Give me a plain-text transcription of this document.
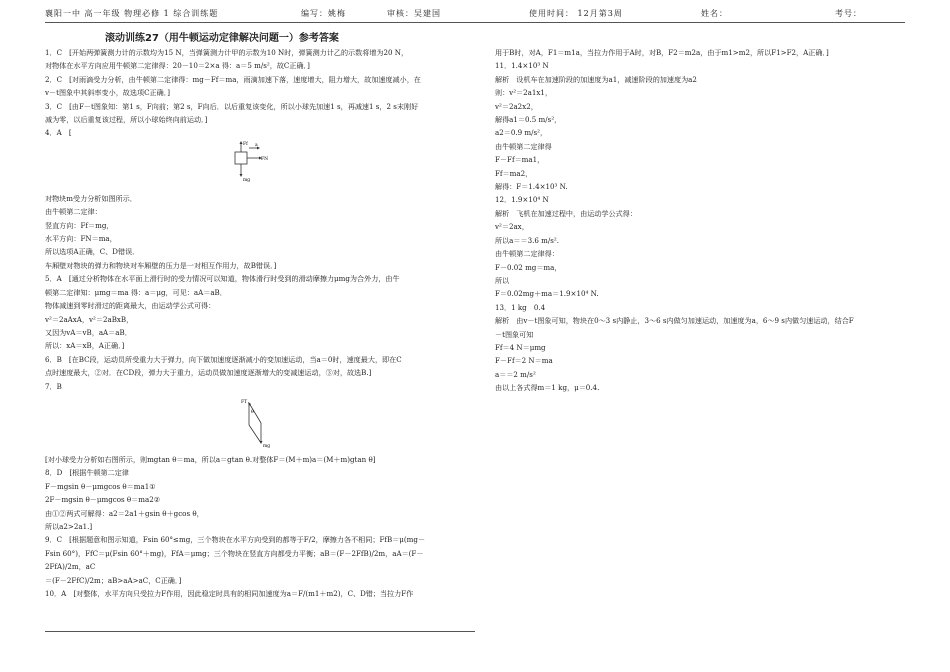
襄阳一中 高一年级 物理必修 1 综合训练题	编写：姚梅	审核：吴建国	使用时间： 12月第3周	姓名：	考号：
滚动训练27（用牛顿运动定律解决问题一）参考答案

1．C　[开始两弹簧测力计的示数均为15 N，当弹簧测力计甲的示数为10 N时，弹簧测力计乙的示数将增为20 N，

对物体在水平方向应用牛顿第二定律得：20－10＝2×a 得：a＝5 m/s²，故C正确．]

2．C　[对雨滴受力分析，由牛顿第二定律得：mg－Ff＝ma，雨滴加速下落，速度增大，阻力增大，故加速度减小，在

v－t图象中其斜率变小，故选项C正确．]

3．C　[由F－t图象知：第1 s，F向前；第2 s，F向后．以后重复该变化，所以小球先加速1 s，再减速1 s，2 s末刚好

减为零，以后重复该过程，所以小球始终向前运动．]

4．A　[

Ff a
FN
mg

对物块m受力分析如图所示．

由牛顿第二定律：

竖直方向：Ff＝mg，

水平方向：FN＝ma，

所以选项A正确，C、D错误．

车厢壁对物块的弹力和物块对车厢壁的压力是一对相互作用力，故B错误．]

5．A　[通过分析物体在水平面上滑行时的受力情况可以知道，物体滑行时受到的滑动摩擦力μmg为合外力，由牛

顿第二定律知：μmg＝ma 得：a＝μg，可见：aA＝aB．

物体减速到零时滑过的距离最大，由运动学公式可得：

v²＝2aAxA，v²＝2aBxB，

又因为vA＝vB，aA＝aB．

所以：xA＝xB，A正确．]

6．B　[在BC段，运动员所受重力大于弹力，向下做加速度逐渐减小的变加速运动，当a＝0时，速度最大，即在C

点时速度最大，②对．在CD段，弹力大于重力，运动员做加速度逐渐增大的变减速运动，③对，故选B.]

7．B

FT
θ
mg

[对小球受力分析如右图所示，则mgtan θ＝ma，所以a＝gtan θ.对整体F＝(M＋m)a＝(M＋m)gtan θ]

8．D　[根据牛顿第二定律

F－mgsin θ－μmgcos θ＝ma1①

2F－mgsin θ－μmgcos θ＝ma2②

由①②两式可解得：a2＝2a1＋gsin θ＋gcos θ，

所以a2>2a1.]

9．C　[根据题意和图示知道，Fsin 60°≤mg，三个物块在水平方向受到的都等于F/2，摩擦力各不相同；FfB＝μ(mg－

Fsin 60°)，FfC＝μ(Fsin 60°＋mg)，FfA＝μmg；三个物块在竖直方向都受力平衡；aB＝(F－2FfB)/2m，aA＝(F－2FfA)/2m，aC

＝(F－2FfC)/2m；aB>aA>aC，C正确．]

10．A　[对整体，水平方向只受拉力F作用，因此稳定时具有的相同加速度为a＝F/(m1＋m2)，C、D错；当拉力F作

用于B时，对A，F1＝m1a，当拉力作用于A时，对B，F2＝m2a，由于m1>m2，所以F1>F2，A正确．]

11．1.4×10³ N

解析　设机车在加速阶段的加速度为a1，减速阶段的加速度为a2

则：v²＝2a1x1，

v²＝2a2x2，

解得a1＝0.5 m/s²，

a2＝0.9 m/s²，

由牛顿第二定律得

F－Ff＝ma1，

Ff＝ma2，

解得：F＝1.4×10³ N.

12．1.9×10⁴ N

解析　飞机在加速过程中，由运动学公式得：

v²＝2ax，

所以a＝＝3.6 m/s².

由牛顿第二定律得：

F－0.02 mg＝ma，

所以

F＝0.02mg＋ma＝1.9×10⁴ N.

13．1 kg　0.4

解析　由v－t图象可知，物块在0～3 s内静止，3～6 s内做匀加速运动，加速度为a，6～9 s内做匀速运动，结合F

－t图象可知

Ff＝4 N＝μmg

F－Ff＝2 N＝ma

a＝＝2 m/s²

由以上各式得m＝1 kg，μ＝0.4.
